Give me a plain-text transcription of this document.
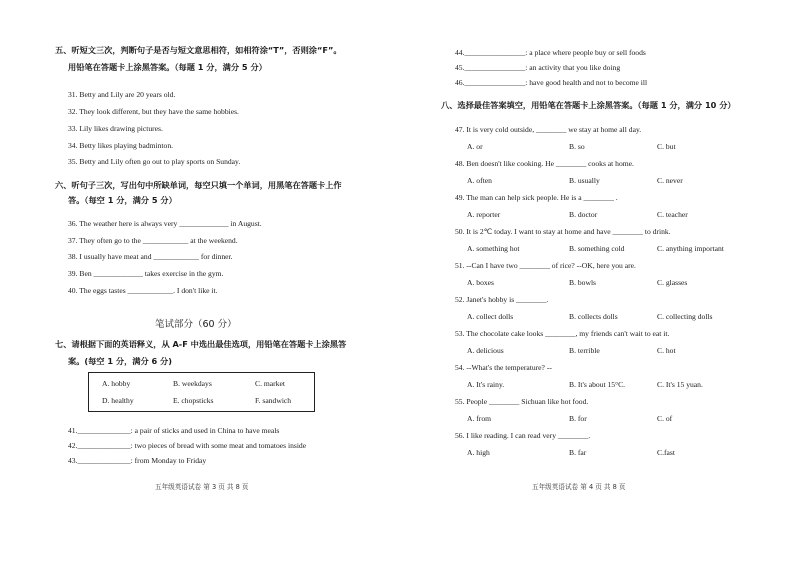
五、听短文三次，判断句子是否与短文意思相符，如相符涂“T”，否则涂“F”。
用铅笔在答题卡上涂黑答案。（每题 1 分，满分 5 分）
31. Betty and Lily are 20 years old.
32. They look different, but they have the same hobbies.
33. Lily likes drawing pictures.
34. Betty likes playing badminton.
35. Betty and Lily often go out to play sports on Sunday.
六、听句子三次，写出句中所缺单词，每空只填一个单词，用黑笔在答题卡上作
答。（每空 1 分，满分 5 分）
36. The weather here is always very _____________ in August.
37. They often go to the ____________ at the weekend.
38. I usually have meat and ____________ for dinner.
39. Ben _____________ takes exercise in the gym.
40. The eggs tastes ____________. I don't like it.
笔试部分（60 分）
七、请根据下面的英语释义，从 A-F 中选出最佳选项，用铅笔在答题卡上涂黑答
案。(每空 1 分，满分 6 分)
A. hobby	B. weekdays	C. market
D. healthy	E. chopsticks	F. sandwich
41.______________: a pair of sticks and used in China to have meals
42.______________: two pieces of bread with some meat and tomatoes inside
43.______________: from Monday to Friday
五年级英语试卷 第 3 页 共 8 页
44.________________: a place where people buy or sell foods
45.________________: an activity that you like doing
46.________________: have good health and not to become ill
八、选择最佳答案填空，用铅笔在答题卡上涂黑答案。（每题 1 分，满分 10 分）
47. It is very cold outside, ________ we stay at home all day.
A. or	B. so	C. but
48. Ben doesn't like cooking. He ________ cooks at home.
A. often	B. usually	C. never
49. The man can help sick people. He is a ________ .
A. reporter	B. doctor	C. teacher
50. It is 2℃ today. I want to stay at home and have ________ to drink.
A. something hot	B. something cold	C. anything important
51. --Can I have two ________ of rice? --OK, here you are.
A. boxes	B. bowls	C. glasses
52. Janet's hobby is ________.
A. collect dolls	B. collects dolls	C. collecting dolls
53. The chocolate cake looks ________, my friends can't wait to eat it.
A. delicious	B. terrible	C. hot
54. --What's the temperature? --
A. It's rainy.	B. It's about 15°C.	C. It's 15 yuan.
55. People ________ Sichuan like hot food.
A. from	B. for	C. of
56. I like reading. I can read very ________.
A. high	B. far	C.fast
五年级英语试卷 第 4 页 共 8 页
